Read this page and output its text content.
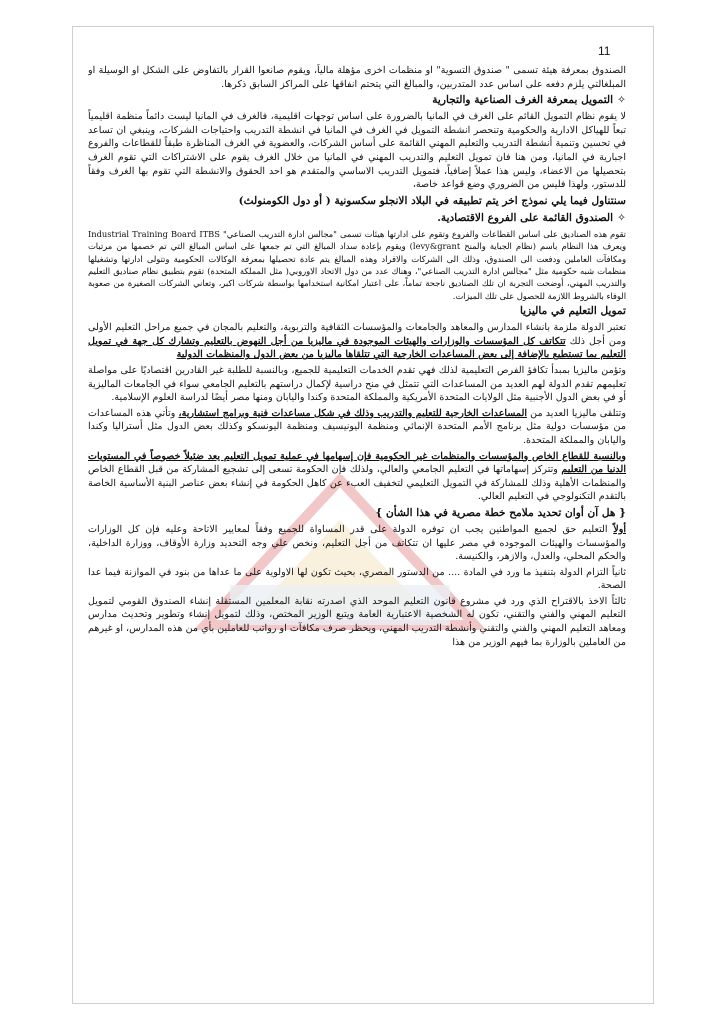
11

الصندوق بمعرفة هيئة تسمى " صندوق التسوية" او منظمات اخرى مؤهلة مالياً، ويقوم صانعوا القرار بالتفاوض على الشكل او الوسيلة او المبلغالتي يلزم دفعه على اساس عدد المتدربين، والمبالغ التي يتحتم انفاقها على المراكز السابق ذكرها.

✧التمويل بمعرفة الغرف الصناعية والتجارية

لا يقوم نظام التمويل القائم على الغرف في المانيا بالضرورة على اساس توجهات اقليمية، فالغرف في المانيا ليست دائماً منظمة اقليمياً تبعاً للهياكل الادارية والحكومية وتنحصر انشطة التمويل في الغرف في المانيا في انشطة التدريب واحتياجات الشركات، وينبغي ان تساعد في تحسين وتنمية أنشطة التدريب والتعليم المهني القائمة على أساس الشركات، والعضوية في الغرف المناظرة طبقاً للقطاعات والفروع اجبارية في المانيا، ومن هنا فان تمويل التعليم والتدريب المهني في المانيا من خلال الغرف يقوم على الاشتراكات التي تقوم الغرف بتحصيلها من الاعضاء، وليس هذا عملاً إضافياً، فتمويل التدريب الاساسي والمتقدم هو احد الحقوق والانشطة التي تقوم بها الغرف وفقاً للدستور، ولهذا فليس من الضروري وضع قواعد خاصة،

سنتناول فيما يلي نموذج اخر يتم تطبيقه في البلاد الانجلو سكسونية ( أو دول الكومنولث)

✧الصندوق القائمة على الفروع الاقتصادية.

تقوم هذه الصناديق على اساس القطاعات والفروع وتقوم على ادارتها هيئات تسمى "مجالس ادارة التدريب الصناعي" Industrial Training Board ITBS ويعرف هذا النظام باسم (نظام الجباية والمنح levy&grant) ويقوم بإعادة سداد المبالغ التي تم جمعها على اساس المبالغ التي تم خصمها من مرتبات ومكافآت العاملين ودفعت الى الصندوق، وذلك الى الشركات والافراد وهذه المبالغ يتم عادة تحصيلها بمعرفة الوكالات الحكومية وتتولى ادارتها وتشغيلها منظمات شبه حكومية مثل "مجالس ادارة التدريب الصناعي"، وهناك عدد من دول الاتحاد الاوروبي( مثل المملكة المتحدة) تقوم بتطبيق نظام صناديق التعليم والتدريب المهني، أوضحت التجربة ان تلك الصناديق ناجحة تماماً، على اعتبار امكانية استخدامها بواسطة شركات اكبر، وتعاني الشركات الصغيرة من صعوبة الوفاء بالشروط اللازمة للحصول على تلك الميزات.

تمويل التعليم في ماليزيا

تعتبر الدولة ملزمة بانشاء المدارس والمعاهد والجامعات والمؤسسات الثقافية والتربوية، والتعليم بالمجان في جميع مراحل التعليم الأولى ومن أجل ذلك تتكاتف كل المؤسسات والوزارات والهيئات الموجودة في ماليزيا من أجل النهوض بالتعليم وتشارك كل جهة في تمويل التعليم بما تستطيع بالإضافة إلى بعض المساعدات الخارجية التي تتلقاها ماليزيا من بعض الدول والمنظمات الدولية

وتؤمن ماليزيا بمبدأ تكافؤ الفرص التعليمية لذلك فهي تقدم الخدمات التعليمية للجميع، وبالنسبة للطلبة غير القادرين اقتصاديًا على مواصلة تعليمهم تقدم الدولة لهم العديد من المساعدات التي تتمثل في منح دراسية لإكمال دراستهم بالتعليم الجامعي سواء في الجامعات الماليزية أو في بعض الدول الأجنبية مثل الولايات المتحدة الأمريكية والمملكة المتحدة وكندا واليابان ومنها مصر أيضًا لدراسة العلوم الإسلامية.

وتتلقى ماليزيا العديد من المساعدات الخارجية للتعليم والتدريب وذلك في شكل مساعدات فنية وبرامج استشارية، وتأتي هذه المساعدات من مؤسسات دولية مثل برنامج الأمم المتحدة الإنمائي ومنظمة اليونيسيف ومنظمة اليونسكو وكذلك بعض الدول مثل أستراليا وكندا واليابان والمملكة المتحدة.

وبالنسبة للقطاع الخاص والمؤسسات والمنظمات غير الحكومية فإن إسهامها في عملية تمويل التعليم يعد ضئيلاً خصوصاً في المستويات الدنيا من التعليم وتتركز إسهاماتها في التعليم الجامعي والعالي، ولذلك فإن الحكومة تسعى إلى تشجيع المشاركة من قبل القطاع الخاص والمنظمات الأهلية وذلك للمشاركة في التمويل التعليمي لتخفيف العبء عن كاهل الحكومة في إنشاء بعض عناصر البنية الأساسية الخاصة بالتقدم التكنولوجي في التعليم العالي.

{ هل آن أوان تحديد ملامح خطة مصرية في هذا الشأن }

أولاً التعليم حق لجميع المواطنين يجب ان توفره الدولة على قدر المساواة للجميع وفقاً لمعايير الاتاحة وعليه فإن كل الوزارات والمؤسسات والهيئات الموجوده في مصر عليها ان تتكاتف من أجل التعليم، ونخص علي وجه التحديد وزارة الأوقاف، ووزارة الداخلية، والحكم المحلي، والعدل، والازهر، والكنيسة.

ثانياً التزام الدولة بتنفيذ ما ورد في المادة .... من الدستور المصري، بحيث تكون لها الاولوية على ما عداها من بنود في الموازنة فيما عدا الصحة.

ثالثاً الاخذ بالاقتراح الذي ورد في مشروع قانون التعليم الموحد الذي اصدرته نقابة المعلمين المستقلة إنشاء الصندوق القومي لتمويل التعليم المهني والفني والتقني، تكون له الشخصية الاعتبارية العامة ويتبع الوزير المختص، وذلك لتمويل إنشاء وتطوير وتحديث مدارس ومعاهد التعليم المهني والفني والتقني وأنشطة التدريب المهني، ويحظر صرف مكافآت او رواتب للعاملين بأي من هذه المدارس، او غيرهم من العاملين بالوزارة بما فيهم الوزير من هذا
